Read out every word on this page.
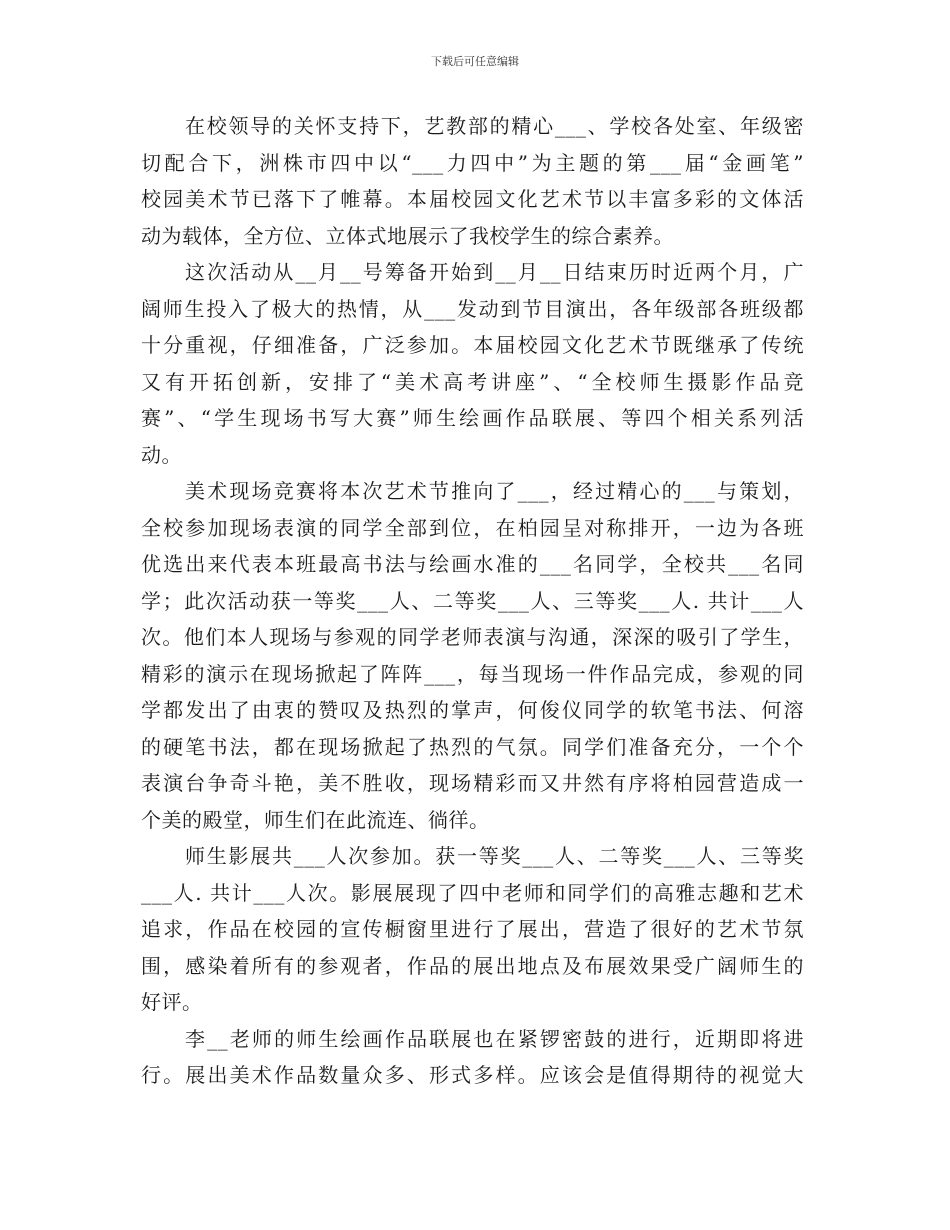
下载后可任意编辑
在校领导的关怀支持下，艺教部的精心___、学校各处室、年级密
切配合下，洲株市四中以“___力四中”为主题的第___届“金画笔”
校园美术节已落下了帷幕。本届校园文化艺术节以丰富多彩的文体活
动为载体，全方位、立体式地展示了我校学生的综合素养。
这次活动从__月__号筹备开始到__月__日结束历时近两个月，广
阔师生投入了极大的热情，从___发动到节目演出，各年级部各班级都
十分重视，仔细准备，广泛参加。本届校园文化艺术节既继承了传统
又有开拓创新，安排了“美术高考讲座”、“全校师生摄影作品竞
赛”、“学生现场书写大赛”师生绘画作品联展、等四个相关系列活
动。
美术现场竞赛将本次艺术节推向了___，经过精心的___与策划，
全校参加现场表演的同学全部到位，在柏园呈对称排开，一边为各班
优选出来代表本班最高书法与绘画水准的___名同学，全校共___名同
学；此次活动获一等奖___人、二等奖___人、三等奖___人. 共计___人
次。他们本人现场与参观的同学老师表演与沟通，深深的吸引了学生，
精彩的演示在现场掀起了阵阵___，每当现场一件作品完成，参观的同
学都发出了由衷的赞叹及热烈的掌声，何俊仪同学的软笔书法、何溶
的硬笔书法，都在现场掀起了热烈的气氛。同学们准备充分，一个个
表演台争奇斗艳，美不胜收，现场精彩而又井然有序将柏园营造成一
个美的殿堂，师生们在此流连、徜徉。
师生影展共___人次参加。获一等奖___人、二等奖___人、三等奖
___人. 共计___人次。影展展现了四中老师和同学们的高雅志趣和艺术
追求，作品在校园的宣传橱窗里进行了展出，营造了很好的艺术节氛
围，感染着所有的参观者，作品的展出地点及布展效果受广阔师生的
好评。
李__老师的师生绘画作品联展也在紧锣密鼓的进行，近期即将进
行。展出美术作品数量众多、形式多样。应该会是值得期待的视觉大
